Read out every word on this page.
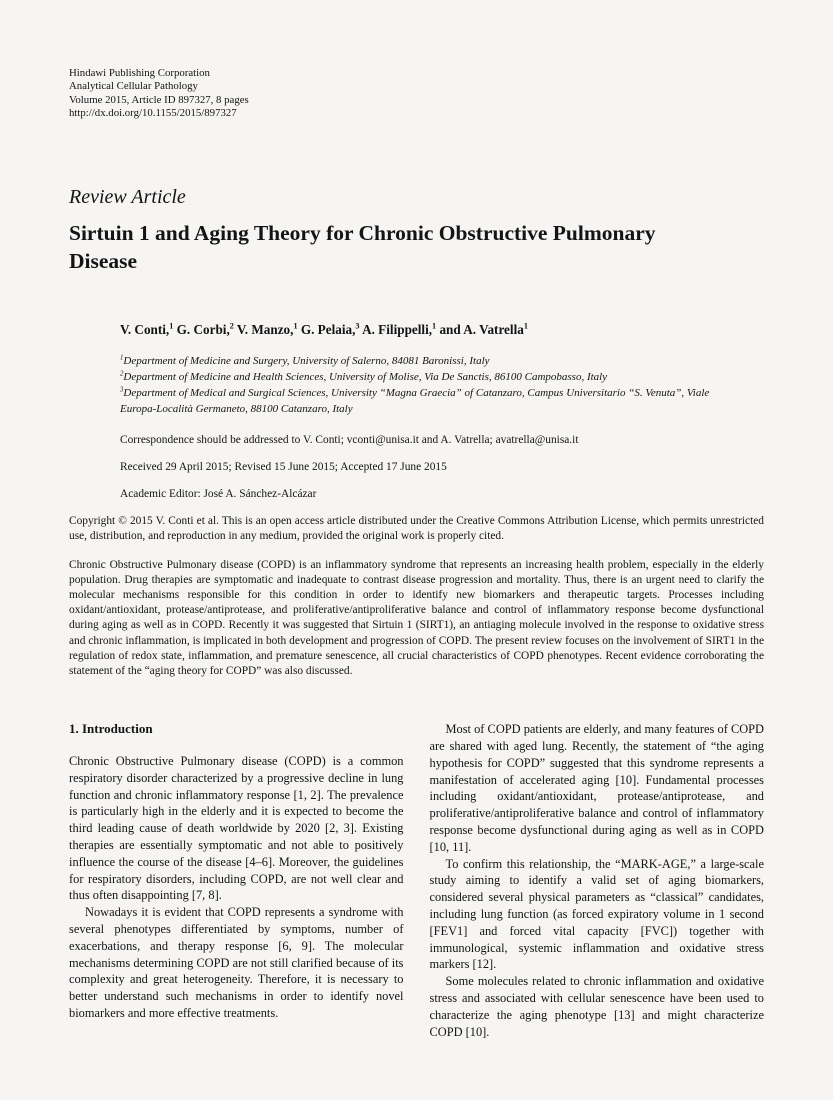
Hindawi Publishing Corporation
Analytical Cellular Pathology
Volume 2015, Article ID 897327, 8 pages
http://dx.doi.org/10.1155/2015/897327
Review Article
Sirtuin 1 and Aging Theory for Chronic Obstructive Pulmonary Disease
V. Conti,$^1$ G. Corbi,$^2$ V. Manzo,$^1$ G. Pelaia,$^3$ A. Filippelli,$^1$ and A. Vatrella$^1$
$^1$Department of Medicine and Surgery, University of Salerno, 84081 Baronissi, Italy
$^2$Department of Medicine and Health Sciences, University of Molise, Via De Sanctis, 86100 Campobasso, Italy
$^3$Department of Medical and Surgical Sciences, University “Magna Graecia” of Catanzaro, Campus Universitario “S. Venuta”, Viale Europa-Località Germaneto, 88100 Catanzaro, Italy
Correspondence should be addressed to V. Conti; vconti@unisa.it and A. Vatrella; avatrella@unisa.it
Received 29 April 2015; Revised 15 June 2015; Accepted 17 June 2015
Academic Editor: José A. Sánchez-Alcázar

Copyright © 2015 V. Conti et al. This is an open access article distributed under the Creative Commons Attribution License, which permits unrestricted use, distribution, and reproduction in any medium, provided the original work is properly cited.

Chronic Obstructive Pulmonary disease (COPD) is an inflammatory syndrome that represents an increasing health problem, especially in the elderly population. Drug therapies are symptomatic and inadequate to contrast disease progression and mortality. Thus, there is an urgent need to clarify the molecular mechanisms responsible for this condition in order to identify new biomarkers and therapeutic targets. Processes including oxidant/antioxidant, protease/antiprotease, and proliferative/antiproliferative balance and control of inflammatory response become dysfunctional during aging as well as in COPD. Recently it was suggested that Sirtuin 1 (SIRT1), an antiaging molecule involved in the response to oxidative stress and chronic inflammation, is implicated in both development and progression of COPD. The present review focuses on the involvement of SIRT1 in the regulation of redox state, inflammation, and premature senescence, all crucial characteristics of COPD phenotypes. Recent evidence corroborating the statement of the “aging theory for COPD” was also discussed.

1. Introduction

Chronic Obstructive Pulmonary disease (COPD) is a common respiratory disorder characterized by a progressive decline in lung function and chronic inflammatory response [1, 2]. The prevalence is particularly high in the elderly and it is expected to become the third leading cause of death worldwide by 2020 [2, 3]. Existing therapies are essentially symptomatic and not able to positively influence the course of the disease [4–6]. Moreover, the guidelines for respiratory disorders, including COPD, are not well clear and thus often disappointing [7, 8].

Nowadays it is evident that COPD represents a syndrome with several phenotypes differentiated by symptoms, number of exacerbations, and therapy response [6, 9]. The molecular mechanisms determining COPD are not still clarified because of its complexity and great heterogeneity. Therefore, it is necessary to better understand such mechanisms in order to identify novel biomarkers and more effective treatments.

Most of COPD patients are elderly, and many features of COPD are shared with aged lung. Recently, the statement of “the aging hypothesis for COPD” suggested that this syndrome represents a manifestation of accelerated aging [10]. Fundamental processes including oxidant/antioxidant, protease/antiprotease, and proliferative/antiproliferative balance and control of inflammatory response become dysfunctional during aging as well as in COPD [10, 11].

To confirm this relationship, the “MARK-AGE,” a large-scale study aiming to identify a valid set of aging biomarkers, considered several physical parameters as “classical” candidates, including lung function (as forced expiratory volume in 1 second [FEV1] and forced vital capacity [FVC]) together with immunological, systemic inflammation and oxidative stress markers [12].

Some molecules related to chronic inflammation and oxidative stress and associated with cellular senescence have been used to characterize the aging phenotype [13] and might characterize COPD [10].
